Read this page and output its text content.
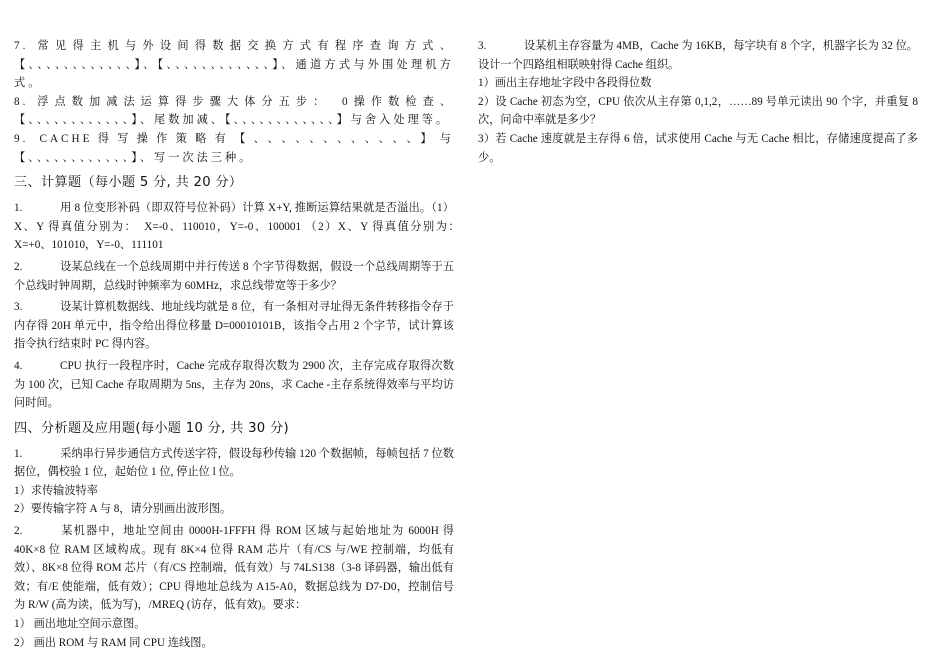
7. 常见得主机与外设间得数据交换方式有程序查询方式、【、、、、、、、、、、、、】、【、、、、、、、、、、、、】、通道方式与外围处理机方式。

8. 浮点数加减法运算得步骤大体分五步：　0操作数检查、【、、、、、、、、、、、、】、尾数加减、【、、、、、、、、、、、、】与舍入处理等。

9. CACHE得写操作策略有【、、、、、、、、、、、、】与【、、、、、、、、、、、、】、写一次法三种。

三、计算题（每小题 5 分, 共 20 分）

1.	用 8 位变形补码（即双符号位补码）计算 X+Y, 推断运算结果就是否溢出。（1）X、Y 得真值分别为：　X=-0、110010，Y=-0、100001 （2）X、Y 得真值分别为：　X=+0、101010，Y=-0、111101

2.	设某总线在一个总线周期中并行传送 8 个字节得数据，假设一个总线周期等于五个总线时钟周期，总线时钟频率为 60MHz，求总线带宽等于多少？

3.	设某计算机数据线、地址线均就是 8 位，有一条相对寻址得无条件转移指令存于内存得 20H 单元中，指令给出得位移量 D=00010101B，该指令占用 2 个字节，试计算该指令执行结束时 PC 得内容。

4.	CPU 执行一段程序时，Cache 完成存取得次数为 2900 次，主存完成存取得次数为 100 次，已知 Cache 存取周期为 5ns，主存为 20ns，求 Cache -主存系统得效率与平均访问时间。

四、分析题及应用题(每小题 10 分, 共 30 分)

1.	采纳串行异步通信方式传送字符，假设每秒传输 120 个数据帧，每帧包括 7 位数据位，偶校验 1 位，起始位 1 位, 停止位 l 位。

1）求传输波特率

2）要传输字符 A 与 8，请分别画出波形图。

2.	某机器中，地址空间由 0000H-1FFFH 得 ROM 区域与起始地址为 6000H 得 40K×8 位 RAM 区域构成。现有 8K×4 位得 RAM 芯片（有/CS 与/WE 控制端，均低有效）、8K×8 位得 ROM 芯片（有/CS 控制端，低有效）与 74LS138（3-8 译码器，输出低有效；有/E 使能端，低有效）；CPU 得地址总线为 A15-A0，数据总线为 D7-D0，控制信号为 R/W (高为读，低为写)，/MREQ (访存，低有效)。要求：

1） 画出地址空间示意图。

2） 画出 ROM 与 RAM 同 CPU 连线图。

3.	设某机主存容量为 4MB，Cache 为 16KB，每字块有 8 个字，机器字长为 32 位。设计一个四路组相联映射得 Cache 组织。

1）画出主存地址字段中各段得位数

2）设 Cache 初态为空，CPU 依次从主存第 0,1,2，……89 号单元读出 90 个字，并重复 8 次，问命中率就是多少？

3）若 Cache 速度就是主存得 6 倍，试求使用 Cache 与无 Cache 相比，存储速度提高了多少。
